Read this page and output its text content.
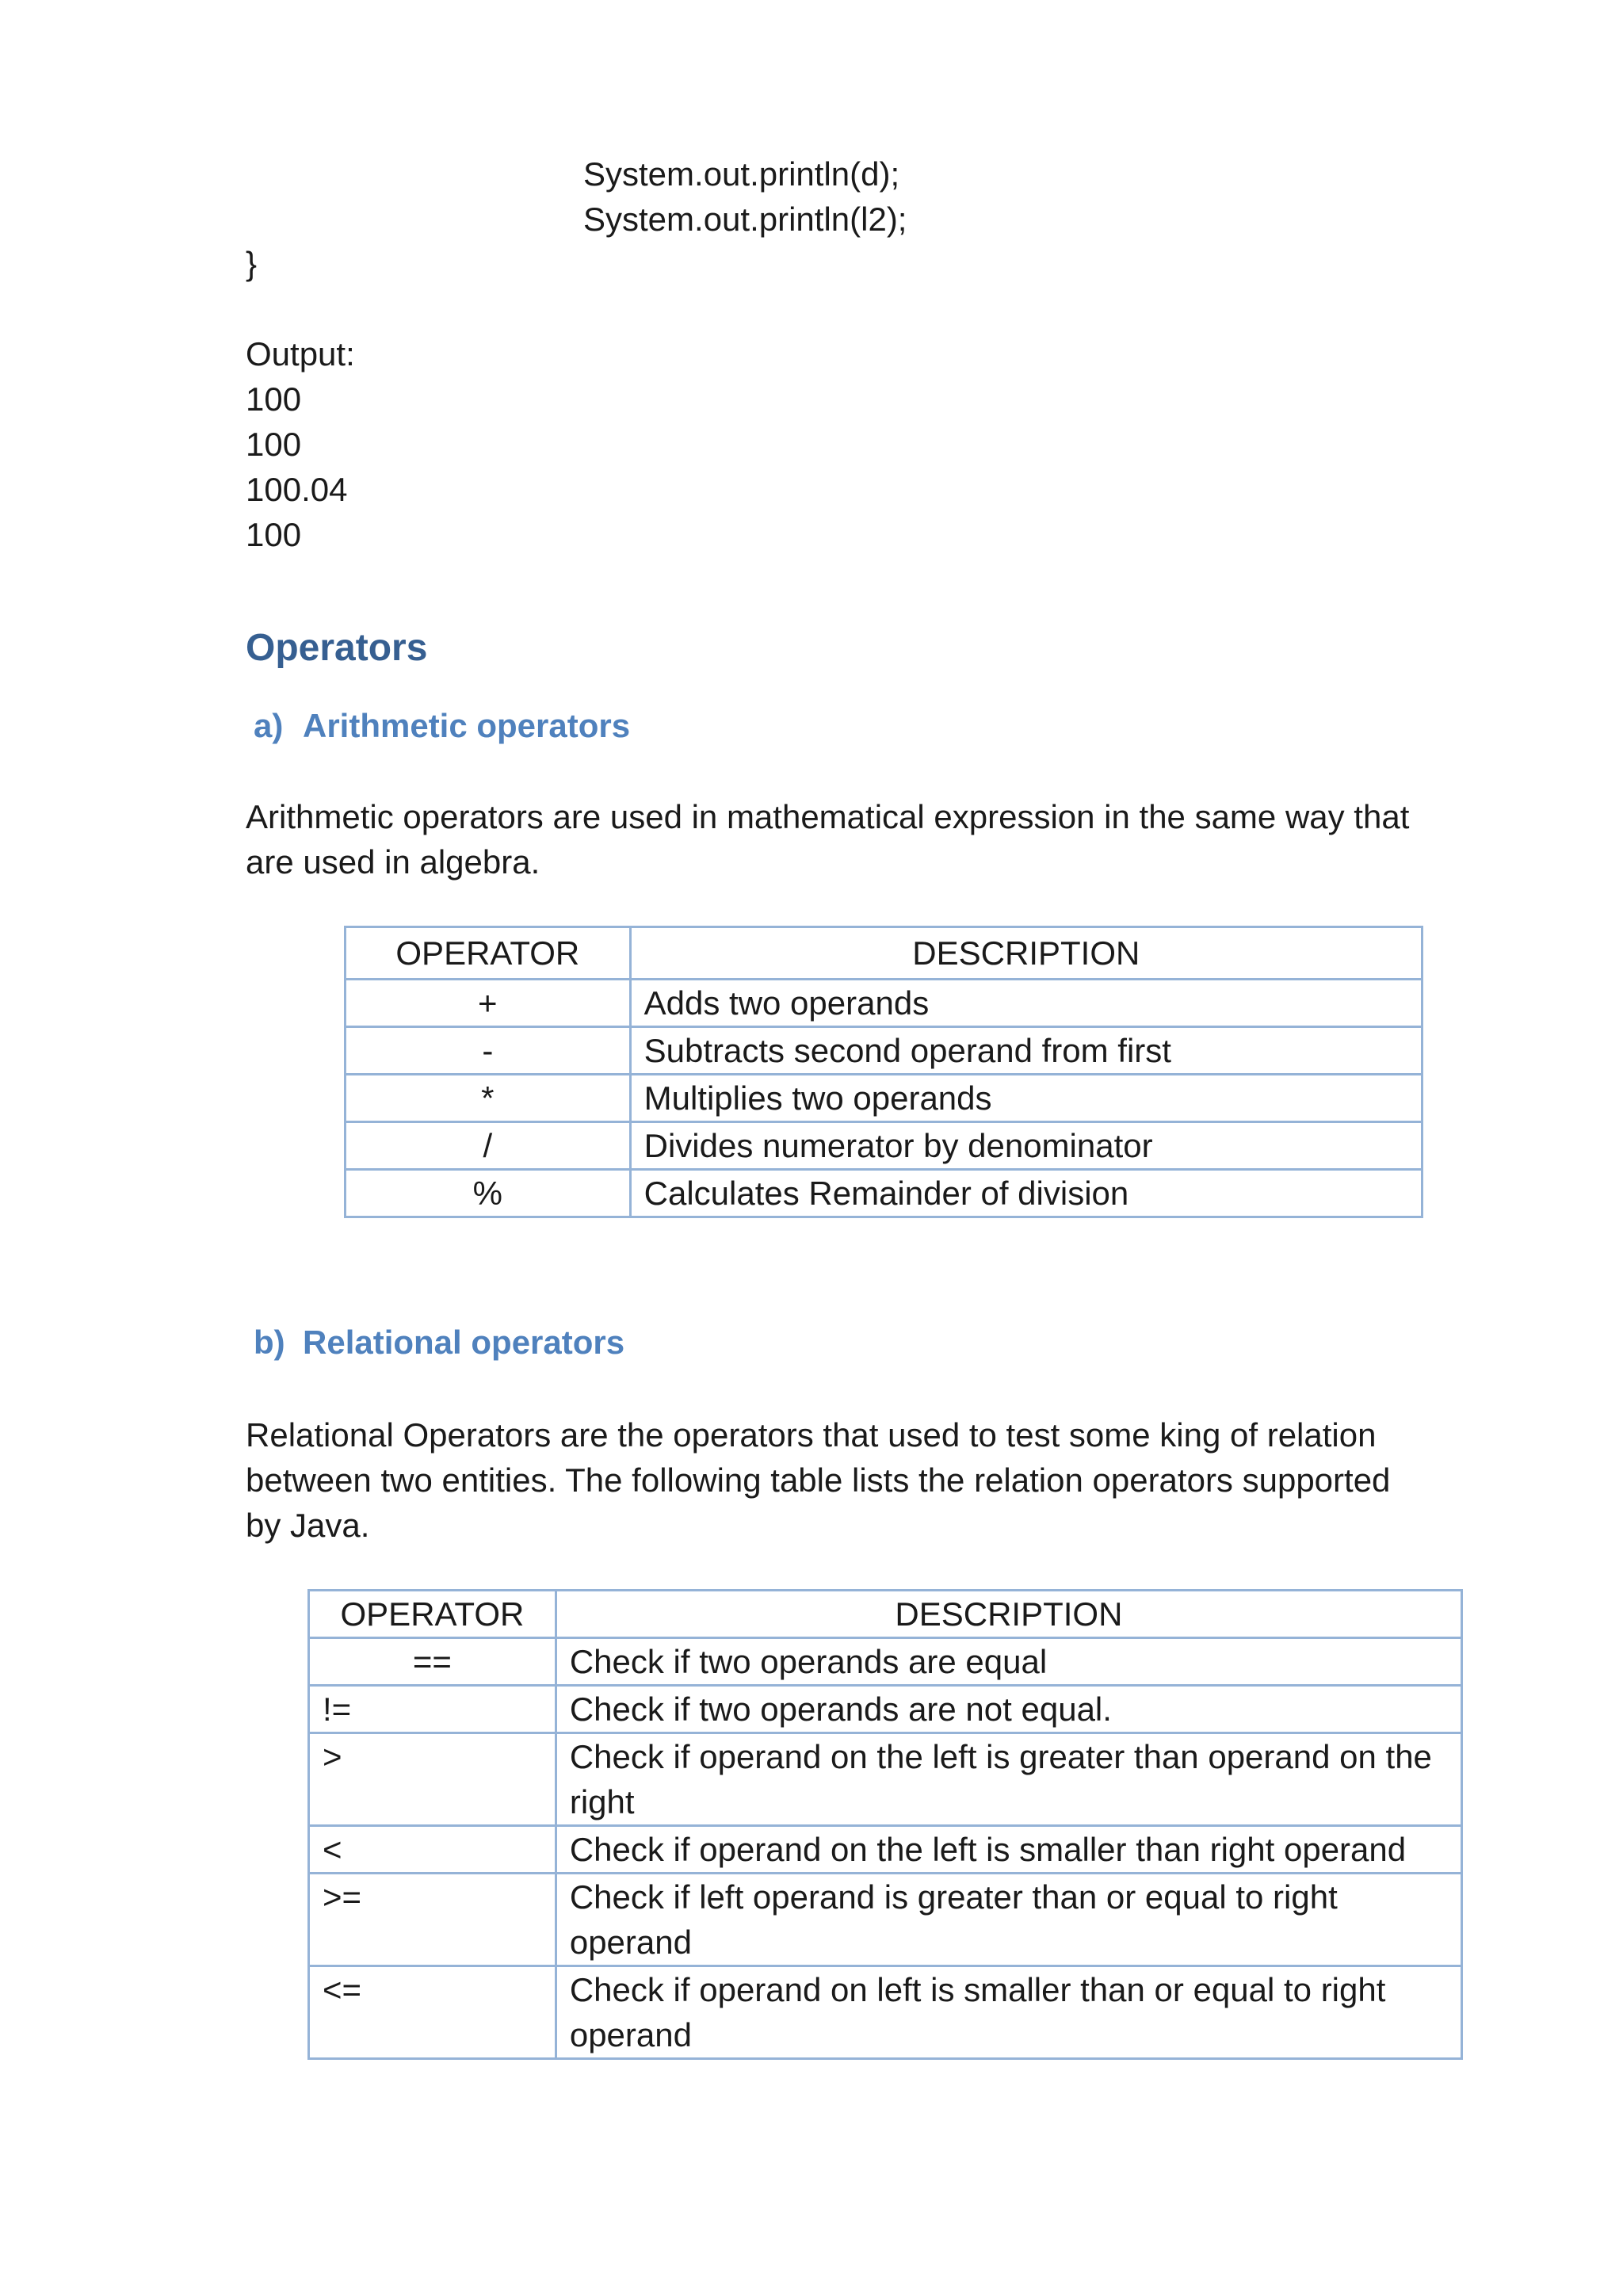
System.out.println(d);
System.out.println(l2);
}
Output:
100
100
100.04
100
Operators
a) Arithmetic operators
Arithmetic operators are used in mathematical expression in the same way that
are used in algebra.
OPERATOR	DESCRIPTION
+	Adds two operands
-	Subtracts second operand from first
*	Multiplies two operands
/	Divides numerator by denominator
%	Calculates Remainder of division
b) Relational operators
Relational Operators are the operators that used to test some king of relation
between two entities. The following table lists the relation operators supported
by Java.
OPERATOR	DESCRIPTION
==	Check if two operands are equal
!=	Check if two operands are not equal.
>	Check if operand on the left is greater than operand on the right
<	Check if operand on the left is smaller than right operand
>=	Check if left operand is greater than or equal to right operand
<=	Check if operand on left is smaller than or equal to right operand
